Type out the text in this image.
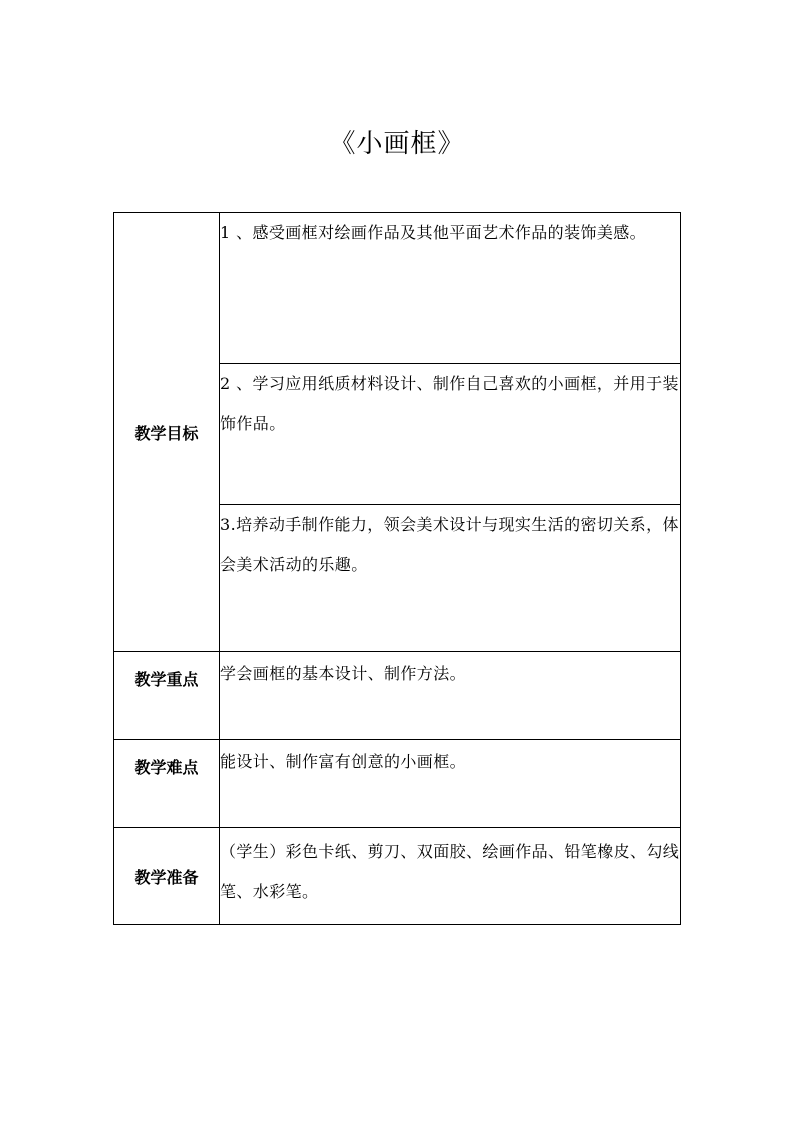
《小画框》
教学目标	1 、感受画框对绘画作品及其他平面艺术作品的装饰美感。
	2 、学习应用纸质材料设计、制作自己喜欢的小画框，并用于装饰作品。
	3.培养动手制作能力，领会美术设计与现实生活的密切关系，体会美术活动的乐趣。
教学重点	学会画框的基本设计、制作方法。
教学难点	能设计、制作富有创意的小画框。
教学准备	（学生）彩色卡纸、剪刀、双面胶、绘画作品、铅笔橡皮、勾线笔、水彩笔。
